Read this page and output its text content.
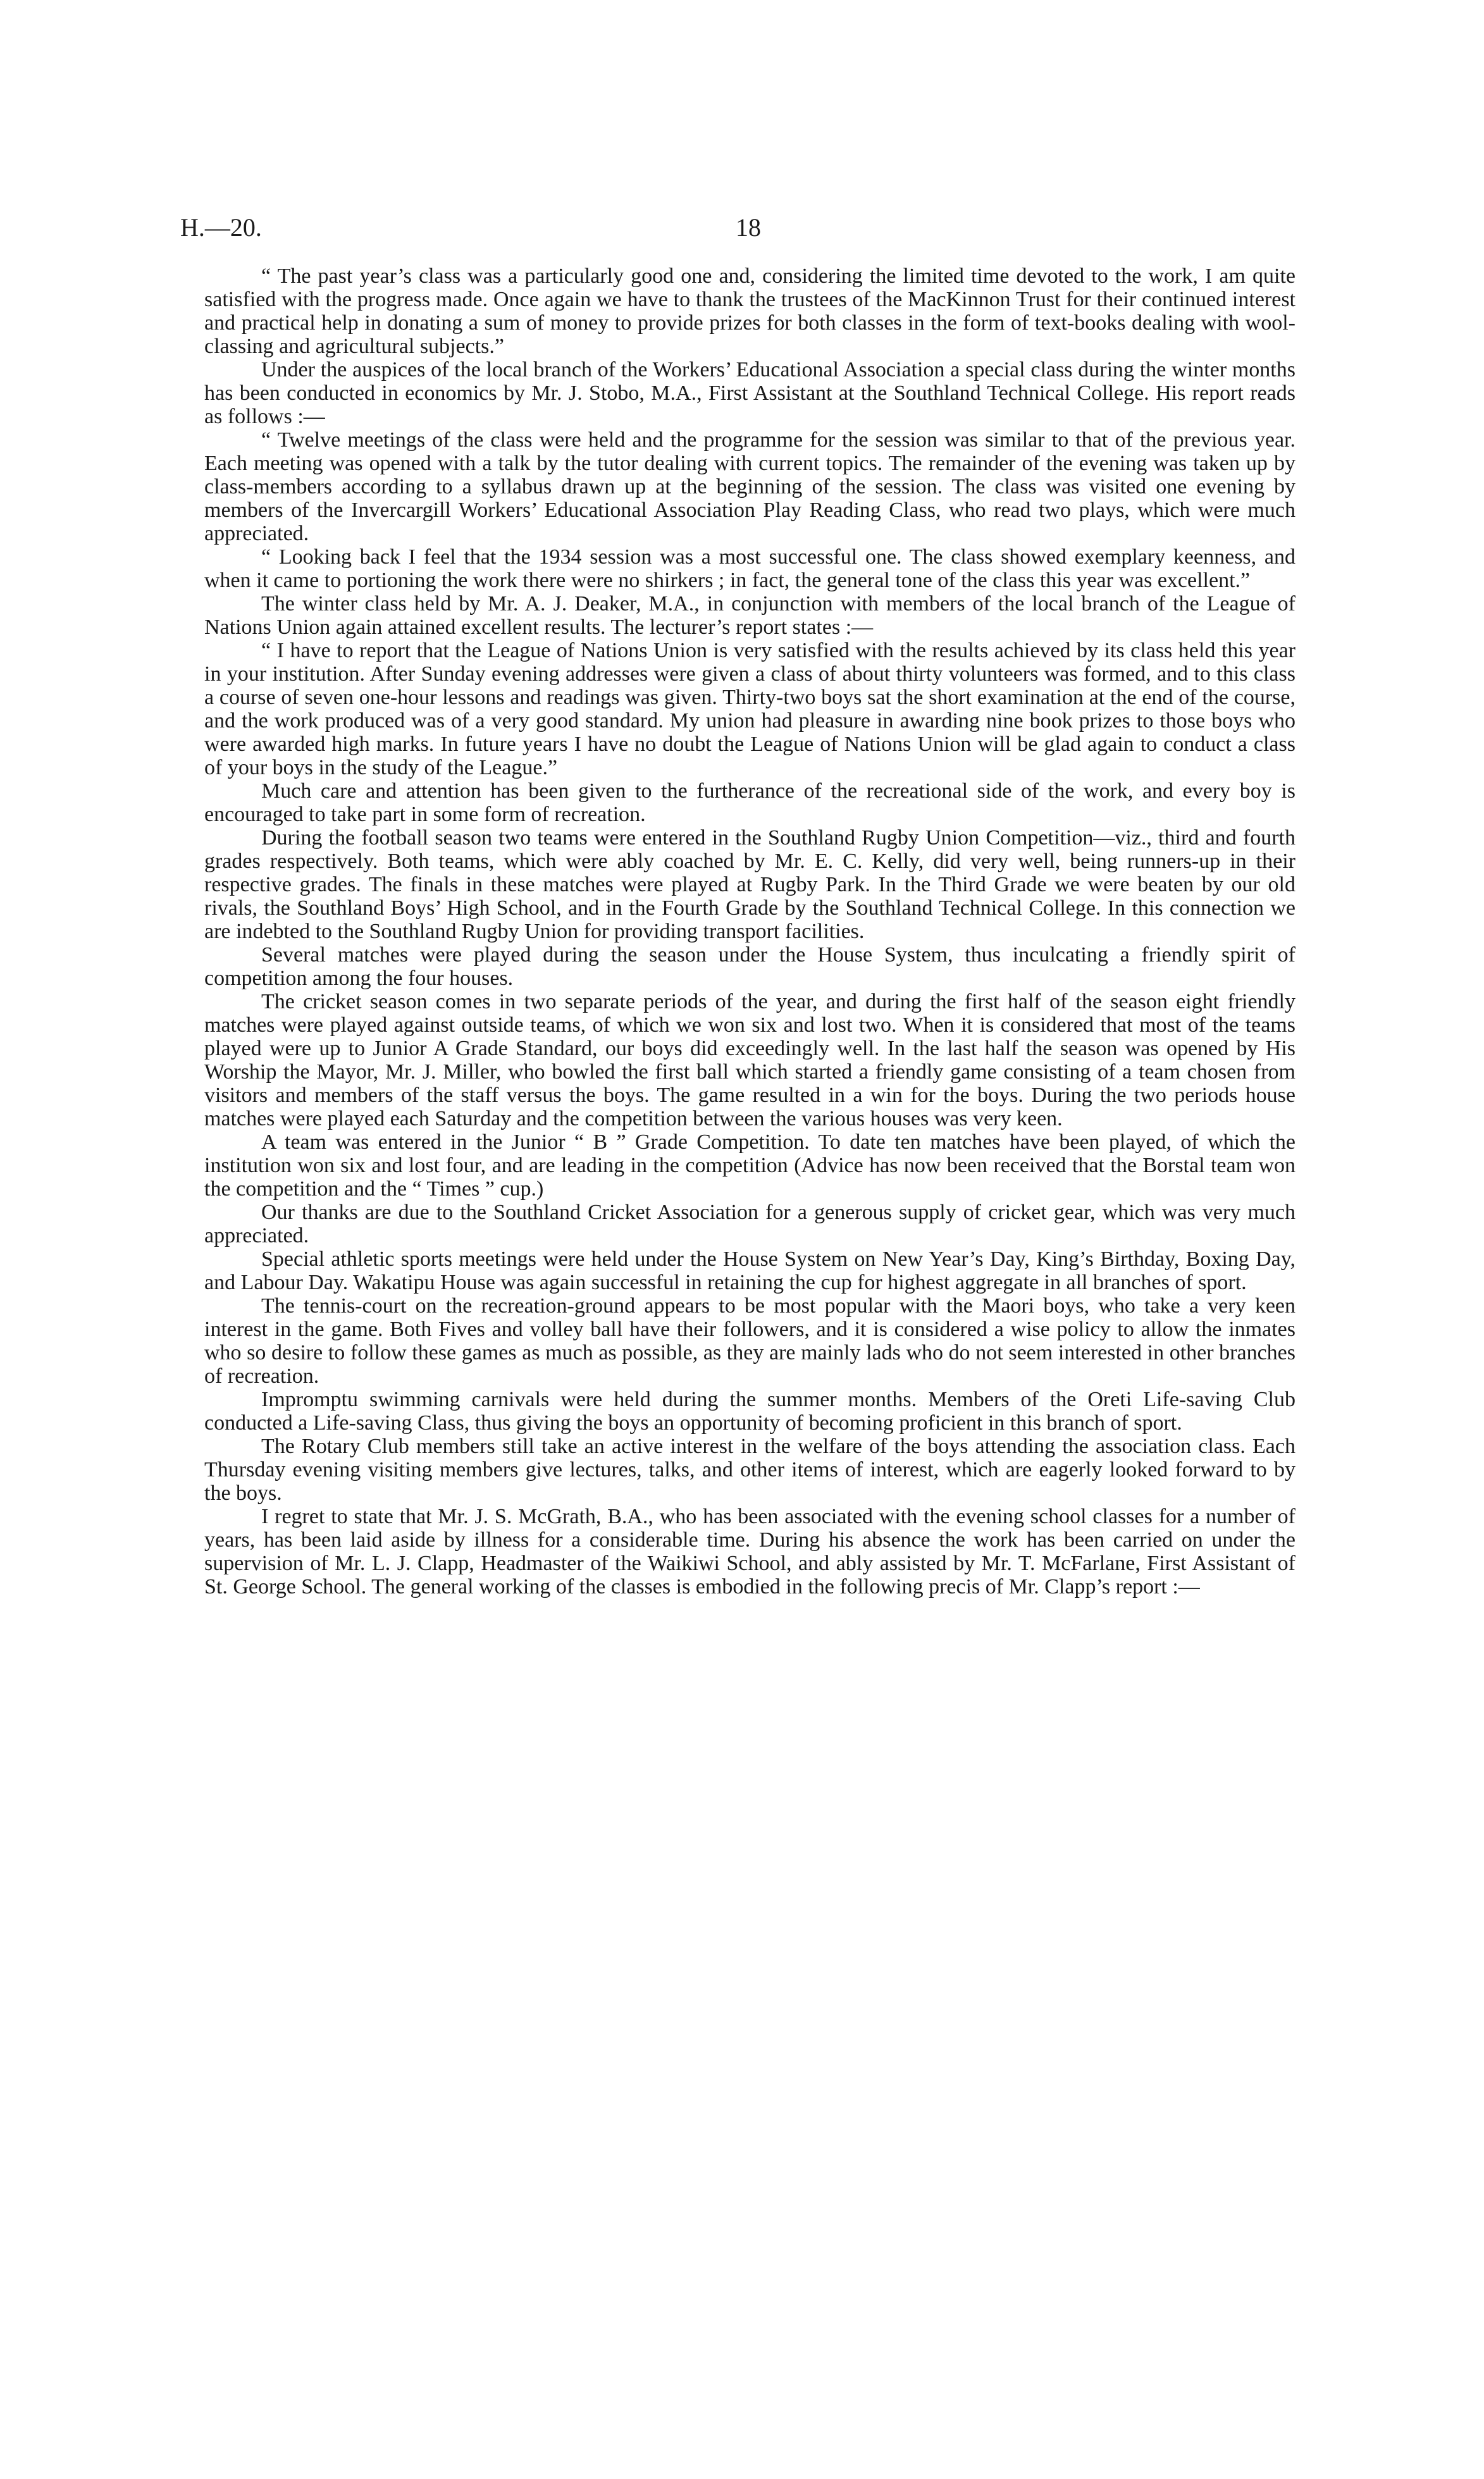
H.—20.	18

“ The past year’s class was a particularly good one and, considering the limited time devoted to the work, I am quite satisfied with the progress made. Once again we have to thank the trustees of the MacKinnon Trust for their continued interest and practical help in donating a sum of money to provide prizes for both classes in the form of text-books dealing with wool-classing and agricultural subjects.”

Under the auspices of the local branch of the Workers’ Educational Association a special class during the winter months has been conducted in economics by Mr. J. Stobo, M.A., First Assistant at the Southland Technical College. His report reads as follows :—

“ Twelve meetings of the class were held and the programme for the session was similar to that of the previous year. Each meeting was opened with a talk by the tutor dealing with current topics. The remainder of the evening was taken up by class-members according to a syllabus drawn up at the beginning of the session. The class was visited one evening by members of the Invercargill Workers’ Educational Association Play Reading Class, who read two plays, which were much appreciated.

“ Looking back I feel that the 1934 session was a most successful one. The class showed exemplary keenness, and when it came to portioning the work there were no shirkers ; in fact, the general tone of the class this year was excellent.”

The winter class held by Mr. A. J. Deaker, M.A., in conjunction with members of the local branch of the League of Nations Union again attained excellent results. The lecturer’s report states :—

“ I have to report that the League of Nations Union is very satisfied with the results achieved by its class held this year in your institution. After Sunday evening addresses were given a class of about thirty volunteers was formed, and to this class a course of seven one-hour lessons and readings was given. Thirty-two boys sat the short examination at the end of the course, and the work produced was of a very good standard. My union had pleasure in awarding nine book prizes to those boys who were awarded high marks. In future years I have no doubt the League of Nations Union will be glad again to conduct a class of your boys in the study of the League.”

Much care and attention has been given to the furtherance of the recreational side of the work, and every boy is encouraged to take part in some form of recreation.

During the football season two teams were entered in the Southland Rugby Union Competition—viz., third and fourth grades respectively. Both teams, which were ably coached by Mr. E. C. Kelly, did very well, being runners-up in their respective grades. The finals in these matches were played at Rugby Park. In the Third Grade we were beaten by our old rivals, the Southland Boys’ High School, and in the Fourth Grade by the Southland Technical College. In this connection we are indebted to the Southland Rugby Union for providing transport facilities.

Several matches were played during the season under the House System, thus inculcating a friendly spirit of competition among the four houses.

The cricket season comes in two separate periods of the year, and during the first half of the season eight friendly matches were played against outside teams, of which we won six and lost two. When it is considered that most of the teams played were up to Junior A Grade Standard, our boys did exceedingly well. In the last half the season was opened by His Worship the Mayor, Mr. J. Miller, who bowled the first ball which started a friendly game consisting of a team chosen from visitors and members of the staff versus the boys. The game resulted in a win for the boys. During the two periods house matches were played each Saturday and the competition between the various houses was very keen.

A team was entered in the Junior “ B ” Grade Competition. To date ten matches have been played, of which the institution won six and lost four, and are leading in the competition (Advice has now been received that the Borstal team won the competition and the “ Times ” cup.)

Our thanks are due to the Southland Cricket Association for a generous supply of cricket gear, which was very much appreciated.

Special athletic sports meetings were held under the House System on New Year’s Day, King’s Birthday, Boxing Day, and Labour Day. Wakatipu House was again successful in retaining the cup for highest aggregate in all branches of sport.

The tennis-court on the recreation-ground appears to be most popular with the Maori boys, who take a very keen interest in the game. Both Fives and volley ball have their followers, and it is considered a wise policy to allow the inmates who so desire to follow these games as much as possible, as they are mainly lads who do not seem interested in other branches of recreation.

Impromptu swimming carnivals were held during the summer months. Members of the Oreti Life-saving Club conducted a Life-saving Class, thus giving the boys an opportunity of becoming proficient in this branch of sport.

The Rotary Club members still take an active interest in the welfare of the boys attending the association class. Each Thursday evening visiting members give lectures, talks, and other items of interest, which are eagerly looked forward to by the boys.

I regret to state that Mr. J. S. McGrath, B.A., who has been associated with the evening school classes for a number of years, has been laid aside by illness for a considerable time. During his absence the work has been carried on under the supervision of Mr. L. J. Clapp, Headmaster of the Waikiwi School, and ably assisted by Mr. T. McFarlane, First Assistant of St. George School. The general working of the classes is embodied in the following precis of Mr. Clapp’s report :—
